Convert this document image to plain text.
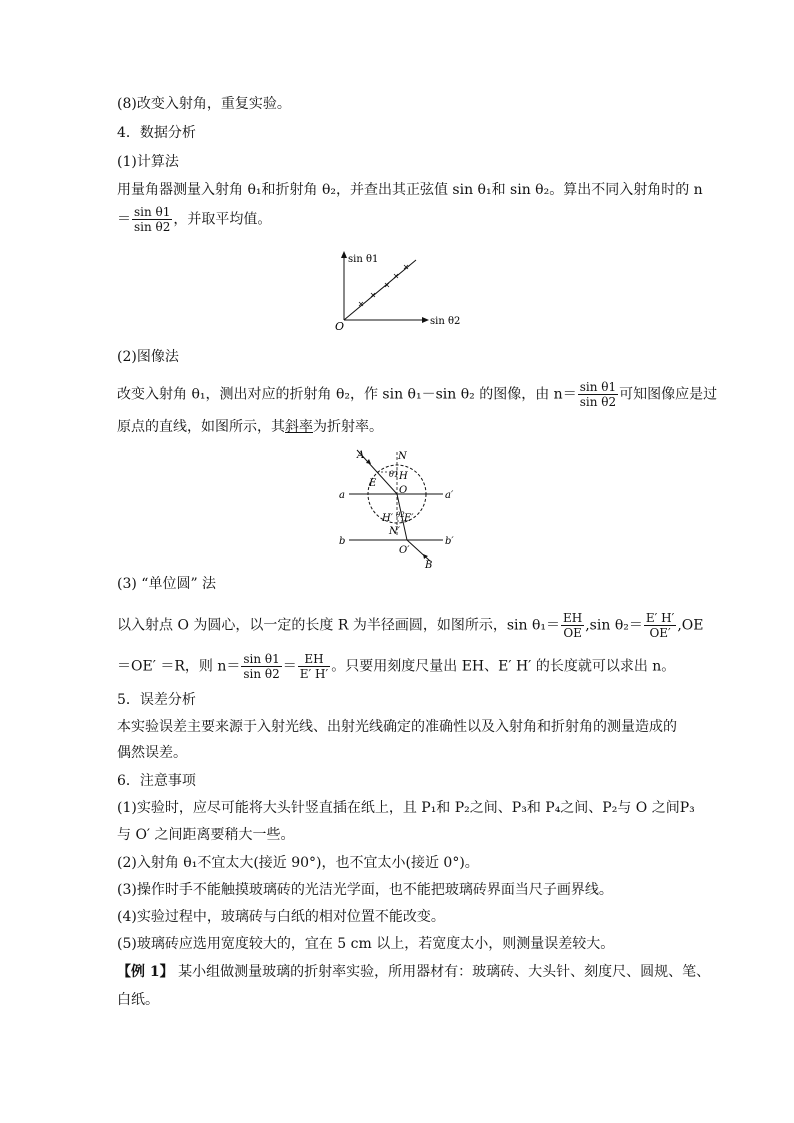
(8)改变入射角，重复实验。
4．数据分析
(1)计算法
用量角器测量入射角 θ₁和折射角 θ₂，并查出其正弦值 sin θ₁和 sin θ₂。算出不同入射角时的 n
＝ $\frac{\text{sin θ1}}{\text{sin θ2}}$ ，并取平均值。
sin θ1
sin θ2
O
(2)图像法
改变入射角 θ₁，测出对应的折射角 θ₂，作 sin θ₁－sin θ₂ 的图像，由 $n= \frac{\text{sin θ1}}{\text{sin θ2}}$ 可知图像应是过
原点的直线，如图所示，其斜率为折射率。
A	N
H
E
θ1
O
a	a′
H′ θ2 E′
N′
b	b′
O′
B
(3) “单位圆” 法
以入射点 O 为圆心，以一定的长度 R 为半径画圆，如图所示，$\sin \theta_1= \frac{EH}{OE} ,\sin$ $\theta_2= \frac{E' H'}{OE'} ,OE$
＝OE′ ＝R，则 $n= \frac{\text{sin θ1}}{\text{sin θ2}} = \frac{EH}{E' H'}$ 。只要用刻度尺量出 EH、E′ H′ 的长度就可以求出 n。
5．误差分析
本实验误差主要来源于入射光线、出射光线确定的准确性以及入射角和折射角的测量造成的
偶然误差。
6．注意事项
(1)实验时，应尽可能将大头针竖直插在纸上，且 P₁和 P₂之间、P₃和 P₄之间、P₂与 O 之间P₃
与 O′ 之间距离要稍大一些。
(2)入射角 θ₁不宜太大(接近 90°)，也不宜太小(接近 0°)。
(3)操作时手不能触摸玻璃砖的光洁光学面，也不能把玻璃砖界面当尺子画界线。
(4)实验过程中，玻璃砖与白纸的相对位置不能改变。
(5)玻璃砖应选用宽度较大的，宜在 5 cm 以上，若宽度太小，则测量误差较大。
【例 1】 某小组做测量玻璃的折射率实验，所用器材有：玻璃砖、大头针、刻度尺、圆规、笔、
白纸。
